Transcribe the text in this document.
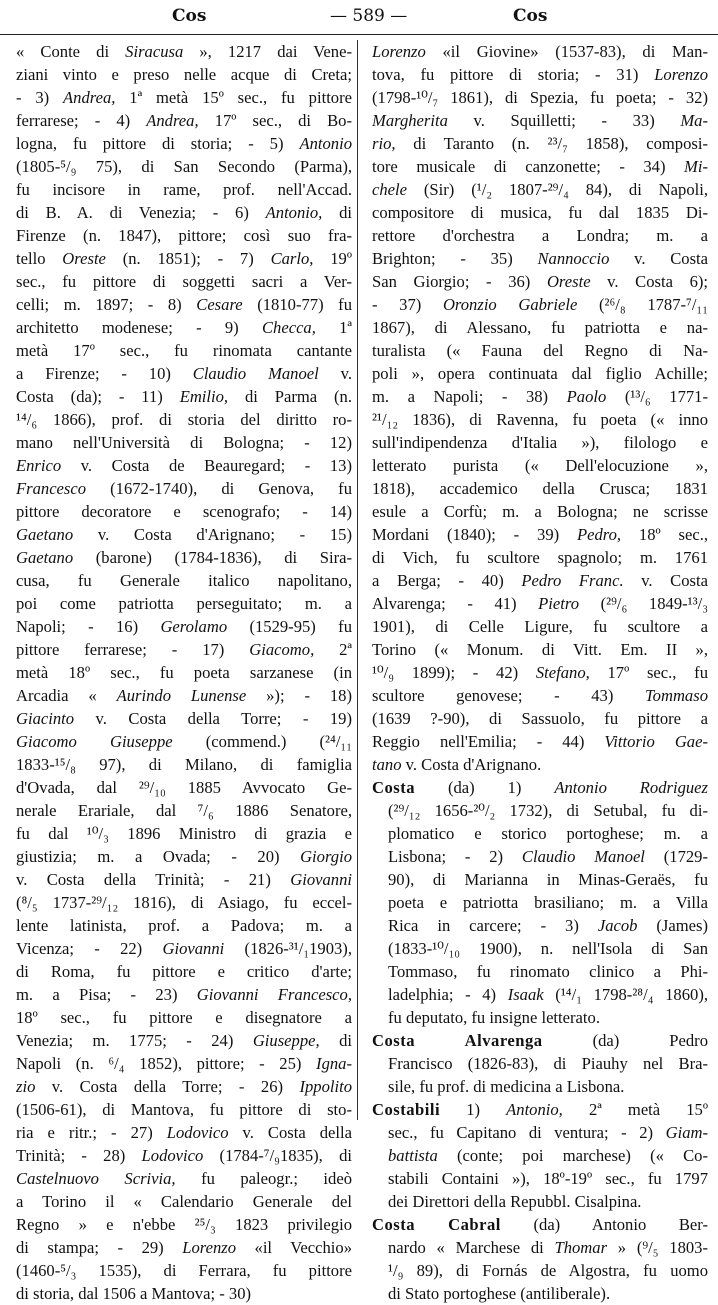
Cos	— 589 —	Cos
« Conte di Siracusa », 1217 dai Vene-
ziani vinto e preso nelle acque di Creta;
- 3) Andrea, 1ª metà 15º sec., fu pittore
ferrarese; - 4) Andrea, 17º sec., di Bo-
logna, fu pittore di storia; - 5) Antonio
(1805-⁵/₉ 75), di San Secondo (Parma),
fu incisore in rame, prof. nell'Accad.
di B. A. di Venezia; - 6) Antonio, di
Firenze (n. 1847), pittore; così suo fra-
tello Oreste (n. 1851); - 7) Carlo, 19º
sec., fu pittore di soggetti sacri a Ver-
celli; m. 1897; - 8) Cesare (1810-77) fu
architetto modenese; - 9) Checca, 1ª
metà 17º sec., fu rinomata cantante
a Firenze; - 10) Claudio Manoel v.
Costa (da); - 11) Emilio, di Parma (n.
¹⁴/₆ 1866), prof. di storia del diritto ro-
mano nell'Università di Bologna; - 12)
Enrico v. Costa de Beauregard; - 13)
Francesco (1672-1740), di Genova, fu
pittore decoratore e scenografo; - 14)
Gaetano v. Costa d'Arignano; - 15)
Gaetano (barone) (1784-1836), di Sira-
cusa, fu Generale italico napolitano,
poi come patriotta perseguitato; m. a
Napoli; - 16) Gerolamo (1529-95) fu
pittore ferrarese; - 17) Giacomo, 2ª
metà 18º sec., fu poeta sarzanese (in
Arcadia « Aurindo Lunense »); - 18)
Giacinto v. Costa della Torre; - 19)
Giacomo Giuseppe (commend.) (²⁴/₁₁
1833-¹⁵/₈ 97), di Milano, di famiglia
d'Ovada, dal ²⁹/₁₀ 1885 Avvocato Ge-
nerale Erariale, dal ⁷/₆ 1886 Senatore,
fu dal ¹⁰/₃ 1896 Ministro di grazia e
giustizia; m. a Ovada; - 20) Giorgio
v. Costa della Trinità; - 21) Giovanni
(⁸/₅ 1737-²⁹/₁₂ 1816), di Asiago, fu eccel-
lente latinista, prof. a Padova; m. a
Vicenza; - 22) Giovanni (1826-³¹/₁1903),
di Roma, fu pittore e critico d'arte;
m. a Pisa; - 23) Giovanni Francesco,
18º sec., fu pittore e disegnatore a
Venezia; m. 1775; - 24) Giuseppe, di
Napoli (n. ⁶/₄ 1852), pittore; - 25) Igna-
zio v. Costa della Torre; - 26) Ippolito
(1506-61), di Mantova, fu pittore di sto-
ria e ritr.; - 27) Lodovico v. Costa della
Trinità; - 28) Lodovico (1784-⁷/₉1835), di
Castelnuovo Scrivia, fu paleogr.; ideò
a Torino il « Calendario Generale del
Regno » e n'ebbe ²⁵/₃ 1823 privilegio
di stampa; - 29) Lorenzo «il Vecchio»
(1460-⁵/₃ 1535), di Ferrara, fu pittore
di storia, dal 1506 a Mantova; - 30)
Lorenzo «il Giovine» (1537-83), di Man-
tova, fu pittore di storia; - 31) Lorenzo
(1798-¹⁰/₇ 1861), di Spezia, fu poeta; - 32)
Margherita v. Squilletti; - 33) Ma-
rio, di Taranto (n. ²³/₇ 1858), composi-
tore musicale di canzonette; - 34) Mi-
chele (Sir) (¹/₂ 1807-²⁹/₄ 84), di Napoli,
compositore di musica, fu dal 1835 Di-
rettore d'orchestra a Londra; m. a
Brighton; - 35) Nannoccio v. Costa
San Giorgio; - 36) Oreste v. Costa 6);
- 37) Oronzio Gabriele (²⁶/₈ 1787-⁷/₁₁
1867), di Alessano, fu patriotta e na-
turalista (« Fauna del Regno di Na-
poli », opera continuata dal figlio Achille;
m. a Napoli; - 38) Paolo (¹³/₆ 1771-
²¹/₁₂ 1836), di Ravenna, fu poeta (« inno
sull'indipendenza d'Italia »), filologo e
letterato purista (« Dell'elocuzione »,
1818), accademico della Crusca; 1831
esule a Corfù; m. a Bologna; ne scrisse
Mordani (1840); - 39) Pedro, 18º sec.,
di Vich, fu scultore spagnolo; m. 1761
a Berga; - 40) Pedro Franc. v. Costa
Alvarenga; - 41) Pietro (²⁹/₆ 1849-¹³/₃
1901), di Celle Ligure, fu scultore a
Torino (« Monum. di Vitt. Em. II »,
¹⁰/₉ 1899); - 42) Stefano, 17º sec., fu
scultore genovese; - 43) Tommaso
(1639 ?-90), di Sassuolo, fu pittore a
Reggio nell'Emilia; - 44) Vittorio Gae-
tano v. Costa d'Arignano.
Costa (da) 1) Antonio Rodriguez
(²⁹/₁₂ 1656-²⁰/₂ 1732), di Setubal, fu di-
plomatico e storico portoghese; m. a
Lisbona; - 2) Claudio Manoel (1729-
90), di Marianna in Minas-Geraës, fu
poeta e patriotta brasiliano; m. a Villa
Rica in carcere; - 3) Jacob (James)
(1833-¹⁰/₁₀ 1900), n. nell'Isola di San
Tommaso, fu rinomato clinico a Phi-
ladelphia; - 4) Isaak (¹⁴/₁ 1798-²⁸/₄ 1860),
fu deputato, fu insigne letterato.
Costa Alvarenga (da) Pedro
Francisco (1826-83), di Piauhy nel Bra-
sile, fu prof. di medicina a Lisbona.
Costabili 1) Antonio, 2ª metà 15º
sec., fu Capitano di ventura; - 2) Giam-
battista (conte; poi marchese) (« Co-
stabili Containi »), 18º-19º sec., fu 1797
dei Direttori della Repubbl. Cisalpina.
Costa Cabral (da) Antonio Ber-
nardo « Marchese di Thomar » (⁹/₅ 1803-
¹/₉ 89), di Fornás de Algostra, fu uomo
di Stato portoghese (antiliberale).
